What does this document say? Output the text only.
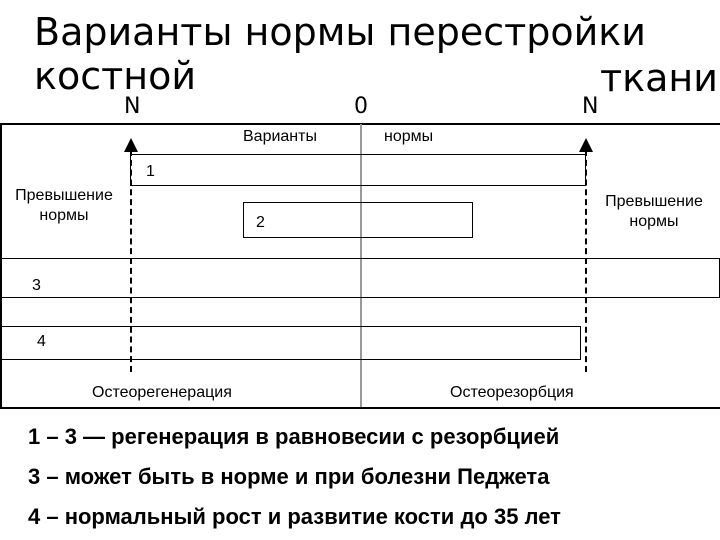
Варианты нормы перестройки костной	ткани
N	0	N
Варианты	нормы
Превышение нормы
Превышение нормы
1
2
3
4
Остеорегенерация	Остеорезорбция
1 – 3 — регенерация в равновесии с резорбцией
3 – может быть в норме и при болезни Педжета
4 – нормальный рост и развитие кости до 35 лет
